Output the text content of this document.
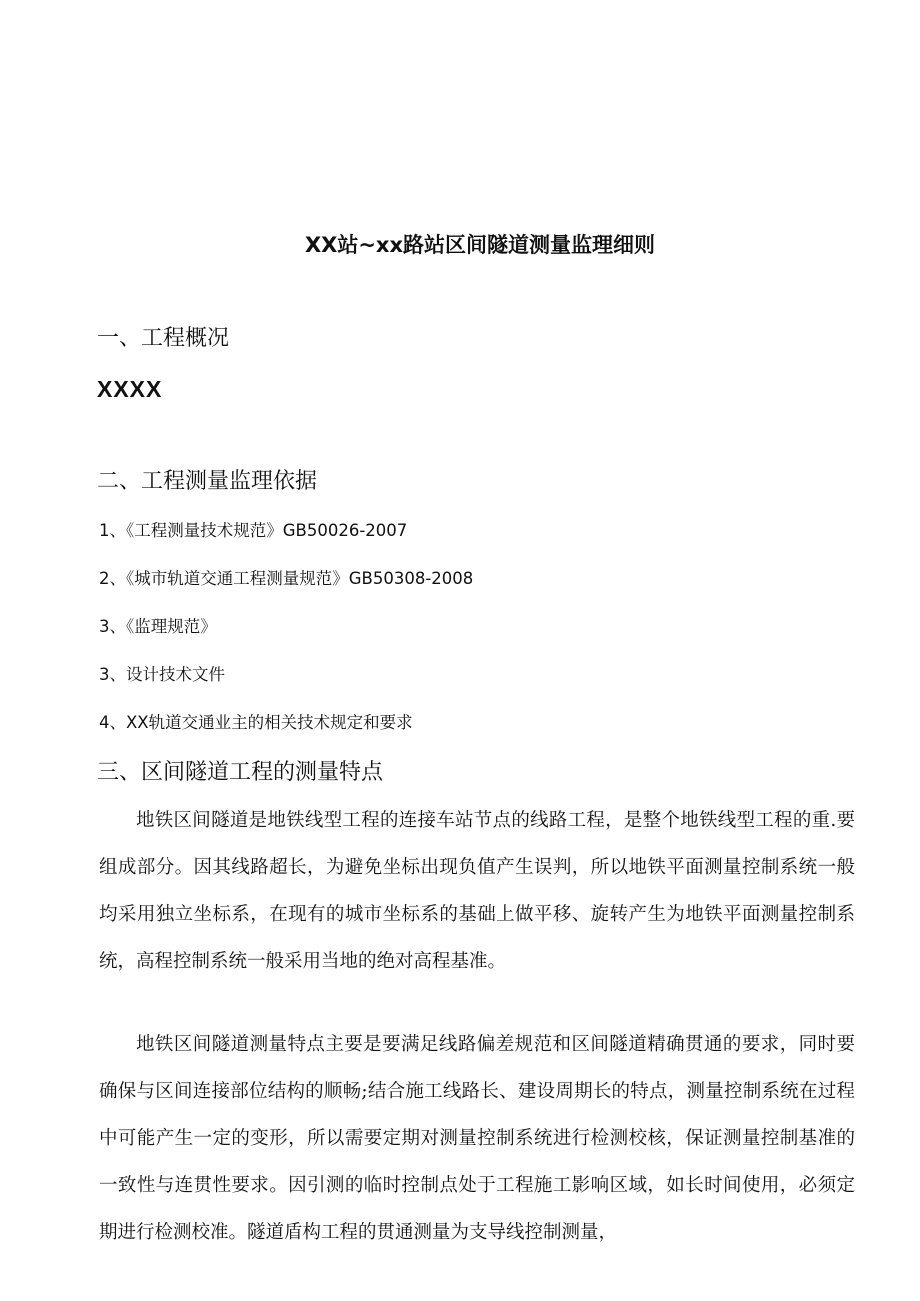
XX站~xx路站区间隧道测量监理细则
一、工程概况
XXXX
二、工程测量监理依据
1、《工程测量技术规范》GB50026-2007
2、《城市轨道交通工程测量规范》GB50308-2008
3、《监理规范》
3、设计技术文件
4、XX轨道交通业主的相关技术规定和要求
三、区间隧道工程的测量特点

地铁区间隧道是地铁线型工程的连接车站节点的线路工程，是整个地铁线型工程的重.要组成部分。因其线路超长，为避免坐标出现负值产生误判，所以地铁平面测量控制系统一般均采用独立坐标系，在现有的城市坐标系的基础上做平移、旋转产生为地铁平面测量控制系统，高程控制系统一般采用当地的绝对高程基准。

地铁区间隧道测量特点主要是要满足线路偏差规范和区间隧道精确贯通的要求，同时要确保与区间连接部位结构的顺畅;结合施工线路长、建设周期长的特点，测量控制系统在过程中可能产生一定的变形，所以需要定期对测量控制系统进行检测校核，保证测量控制基准的一致性与连贯性要求。因引测的临时控制点处于工程施工影响区域，如长时间使用，必须定期进行检测校准。隧道盾构工程的贯通测量为支导线控制测量，
